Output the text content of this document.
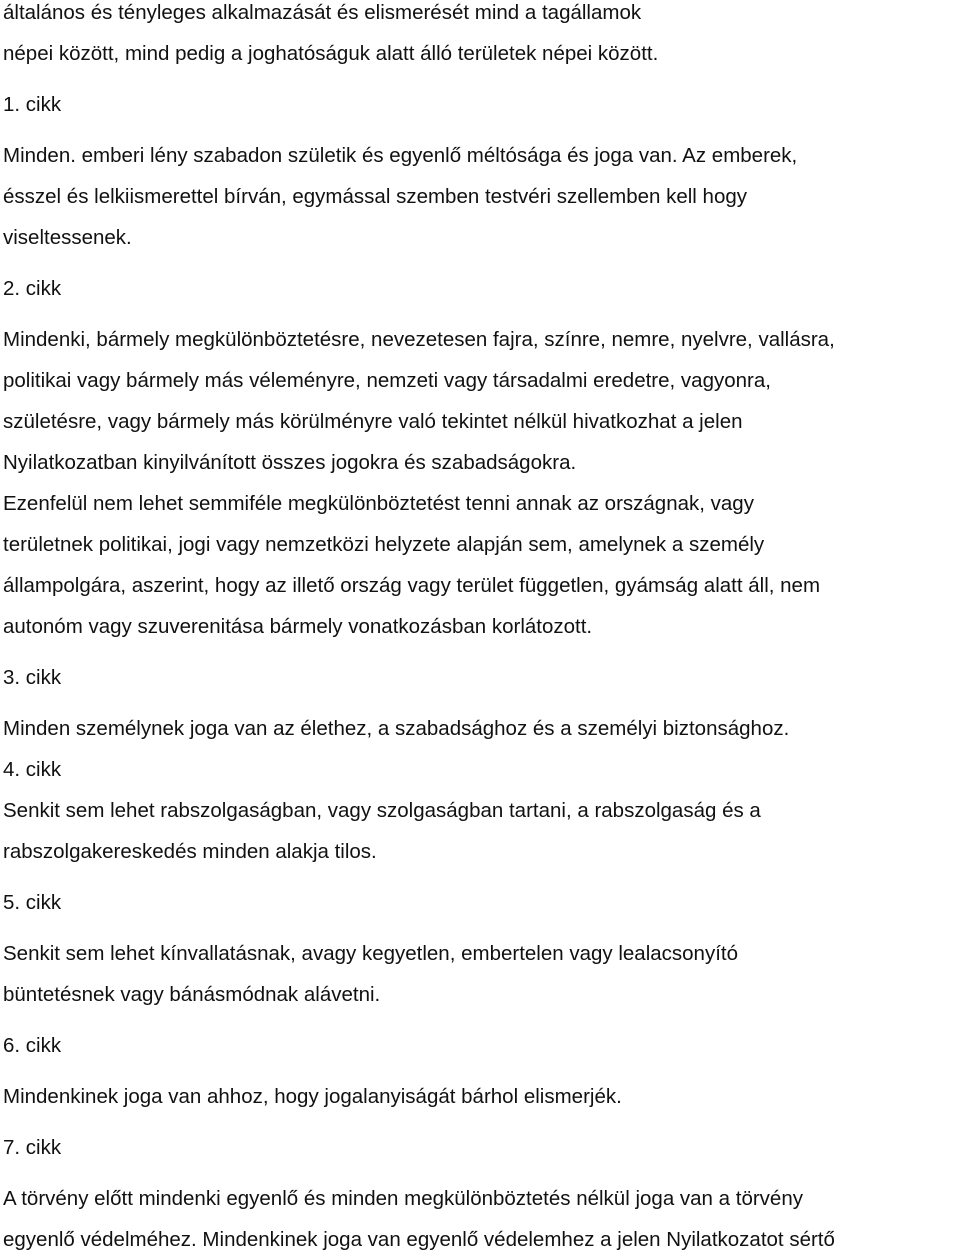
általános és tényleges alkalmazását és elismerését mind a tagállamok
népei között, mind pedig a joghatóságuk alatt álló területek népei között.
1. cikk
Minden. emberi lény szabadon születik és egyenlő méltósága és joga van. Az emberek,
ésszel és lelkiismerettel bírván, egymással szemben testvéri szellemben kell hogy
viseltessenek.
2. cikk
Mindenki, bármely megkülönböztetésre, nevezetesen fajra, színre, nemre, nyelvre, vallásra,
politikai vagy bármely más véleményre, nemzeti vagy társadalmi eredetre, vagyonra,
születésre, vagy bármely más körülményre való tekintet nélkül hivatkozhat a jelen
Nyilatkozatban kinyilvánított összes jogokra és szabadságokra.
Ezenfelül nem lehet semmiféle megkülönböztetést tenni annak az országnak, vagy
területnek politikai, jogi vagy nemzetközi helyzete alapján sem, amelynek a személy
állampolgára, aszerint, hogy az illető ország vagy terület független, gyámság alatt áll, nem
autonóm vagy szuverenitása bármely vonatkozásban korlátozott.
3. cikk
Minden személynek joga van az élethez, a szabadsághoz és a személyi biztonsághoz.
4. cikk
Senkit sem lehet rabszolgaságban, vagy szolgaságban tartani, a rabszolgaság és a
rabszolgakereskedés minden alakja tilos.
5. cikk
Senkit sem lehet kínvallatásnak, avagy kegyetlen, embertelen vagy lealacsonyító
büntetésnek vagy bánásmódnak alávetni.
6. cikk
Mindenkinek joga van ahhoz, hogy jogalanyiságát bárhol elismerjék.
7. cikk
A törvény előtt mindenki egyenlő és minden megkülönböztetés nélkül joga van a törvény
egyenlő védelméhez. Mindenkinek joga van egyenlő védelemhez a jelen Nyilatkozatot sértő
